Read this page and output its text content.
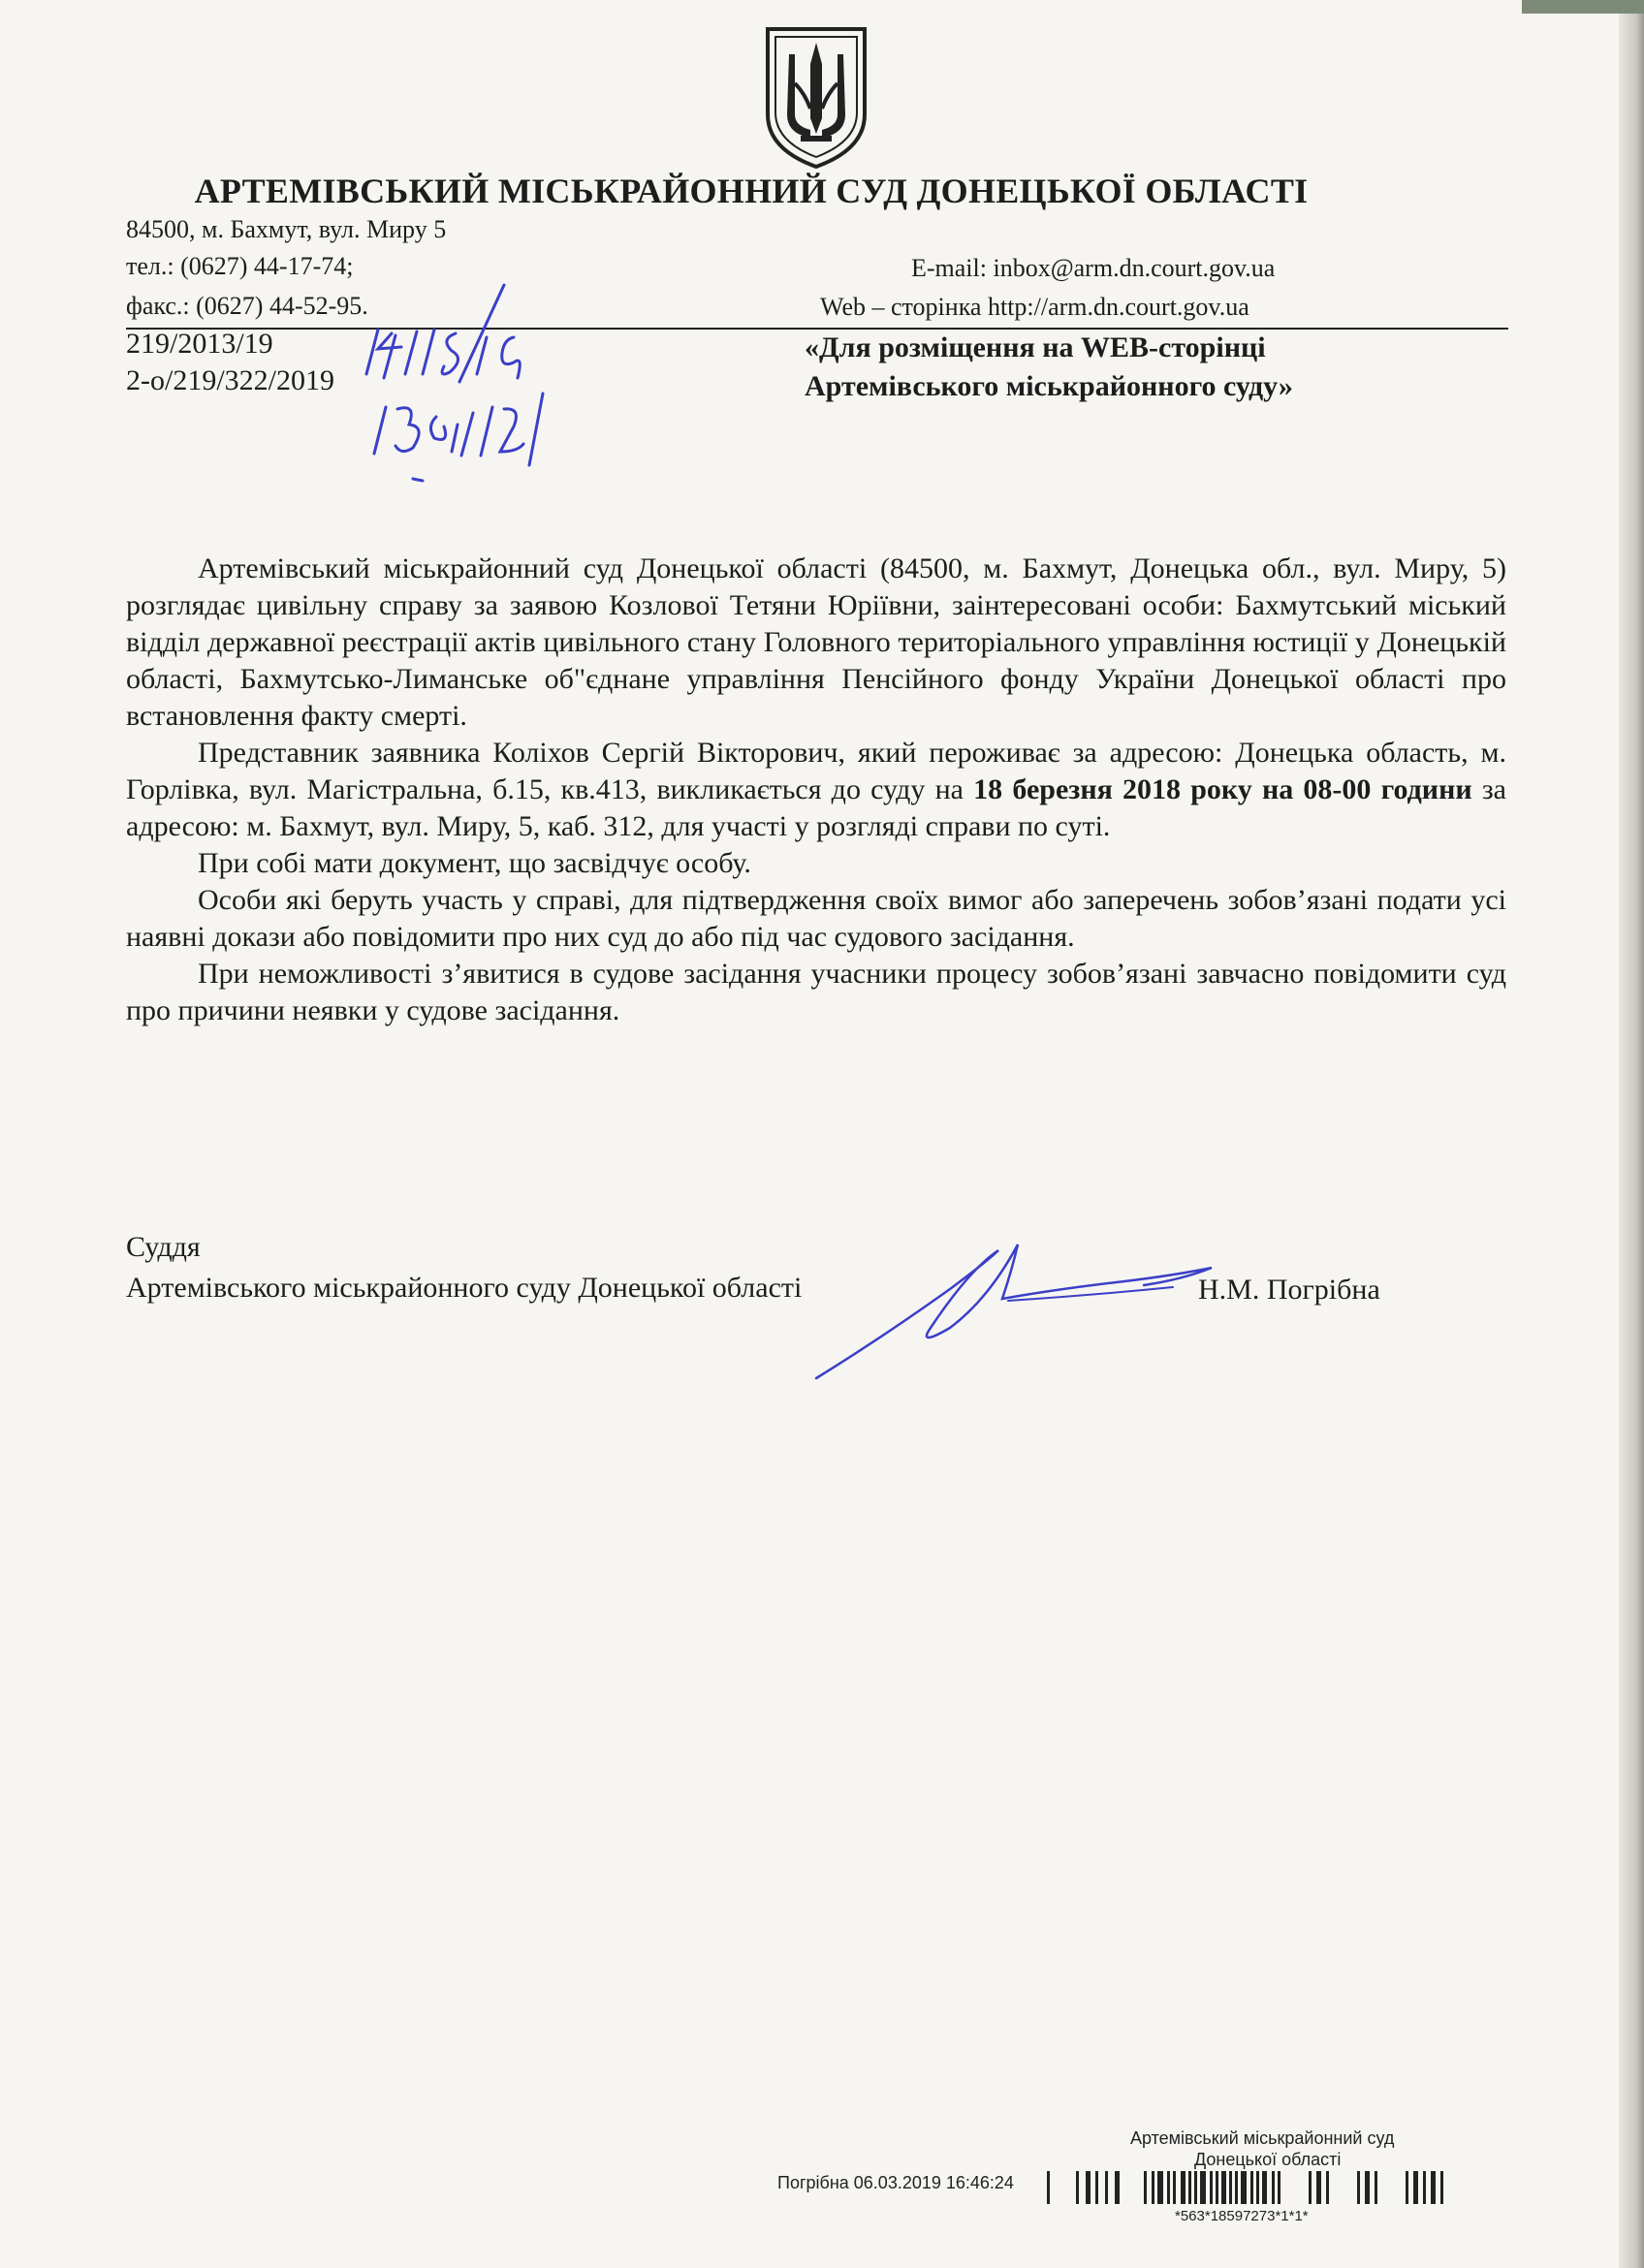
АРТЕМІВСЬКИЙ МІСЬКРАЙОННИЙ СУД ДОНЕЦЬКОЇ ОБЛАСТІ
84500, м. Бахмут, вул. Миру 5
тел.: (0627) 44-17-74;
факс.: (0627) 44-52-95.
E-mail: inbox@arm.dn.court.gov.ua
Web – сторінка http://arm.dn.court.gov.ua
219/2013/19
2-о/219/322/2019
«Для розміщення на WEB-сторінці
Артемівського міськрайонного суду»

Артемівський міськрайонний суд Донецької області (84500, м. Бахмут, Донецька обл., вул. Миру, 5) розглядає цивільну справу за заявою Козлової Тетяни Юріївни, заінтересовані особи: Бахмутський міський відділ державної реєстрації актів цивільного стану Головного територіального управління юстиції у Донецькій області, Бахмутсько-Лиманське об"єднане управління Пенсійного фонду України Донецької області про встановлення факту смерті.

Представник заявника Коліхов Сергій Вікторович, який пероживає за адресою: Донецька область, м. Горлівка, вул. Магістральна, б.15, кв.413, викликається до суду на 18 березня 2018 року на 08-00 години за адресою: м. Бахмут, вул. Миру, 5, каб. 312, для участі у розгляді справи по суті.

При собі мати документ, що засвідчує особу.

Особи які беруть участь у справі, для підтвердження своїх вимог або заперечень зобов’язані подати усі наявні докази або повідомити про них суд до або під час судового засідання.

При неможливості з’явитися в судове засідання учасники процесу зобов’язані завчасно повідомити суд про причини неявки у судове засідання.

Суддя
Артемівського міськрайонного суду Донецької області	Н.М. Погрібна
Артемівський міськрайонний суд
Донецької області
Погрібна 06.03.2019 16:46:24
*563*18597273*1*1*
